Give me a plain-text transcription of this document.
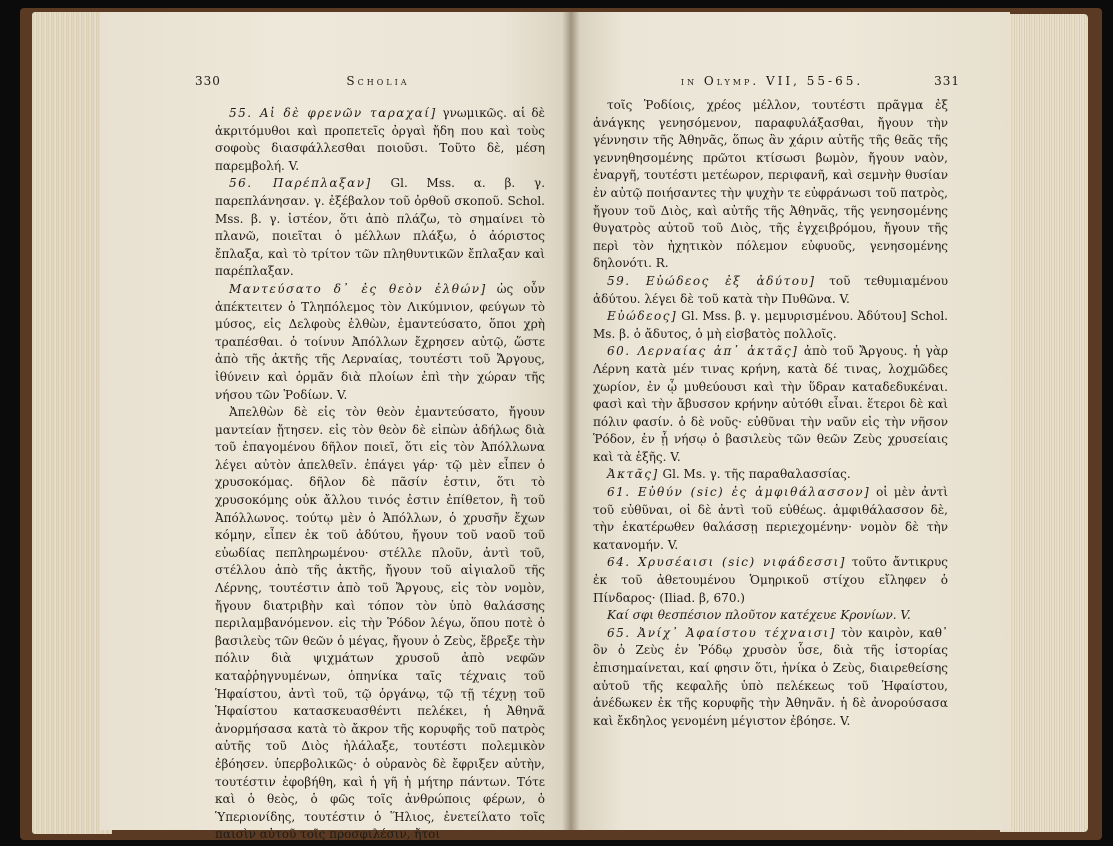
330	Scholia

55. Αἱ δὲ φρενῶν ταραχαί] γνωμικῶς. αἱ δὲ ἀκριτόμυθοι καὶ προπετεῖς ὀργαὶ ἤδη που καὶ τοὺς σοφοὺς διασφάλλεσθαι ποιοῦσι. Τοῦτο δὲ, μέση παρεμβολή. V.

56. Παρέπλαξαν] Gl. Mss. α. β. γ. παρεπλάνησαν. γ. ἐξέβαλον τοῦ ὀρθοῦ σκοποῦ. Schol. Mss. β. γ. ἰστέον, ὅτι ἀπὸ πλάζω, τὸ σημαίνει τὸ πλανῶ, ποιεῖται ὁ μέλλων πλάξω, ὁ ἀόριστος ἔπλαξα, καὶ τὸ τρίτον τῶν πληθυντικῶν ἔπλαξαν καὶ παρέπλαξαν.

Μαντεύσατο δ᾽ ἐς θεὸν ἐλθών] ὡς οὖν ἀπέκτειτεν ὁ Τληπόλεμος τὸν Λικύμνιον, φεύγων τὸ μύσος, εἰς Δελφοὺς ἐλθὼν, ἐμαντεύσατο, ὅποι χρὴ τραπέσθαι. ὁ τοίνυν Ἀπόλλων ἔχρησεν αὐτῷ, ὥστε ἀπὸ τῆς ἀκτῆς τῆς Λερναίας, τουτέστι τοῦ Ἄργους, ἰθύνειν καὶ ὁρμᾶν διὰ πλοίων ἐπὶ τὴν χώραν τῆς νήσου τῶν Ῥοδίων. V.

Ἀπελθὼν δὲ εἰς τὸν θεὸν ἐμαντεύσατο, ἤγουν μαντείαν ᾔτησεν. εἰς τὸν θεὸν δὲ εἰπὼν ἀδήλως διὰ τοῦ ἐπαγομένου δῆλον ποιεῖ, ὅτι εἰς τὸν Ἀπόλλωνα λέγει αὐτὸν ἀπελθεῖν. ἐπάγει γάρ· τῷ μὲν εἶπεν ὁ χρυσοκόμας. δῆλον δὲ πᾶσίν ἐστιν, ὅτι τὸ χρυσοκόμης οὐκ ἄλλου τινός ἐστιν ἐπίθετον, ἢ τοῦ Ἀπόλλωνος. τούτῳ μὲν ὁ Ἀπόλλων, ὁ χρυσῆν ἔχων κόμην, εἶπεν ἐκ τοῦ ἀδύτου, ἤγουν τοῦ ναοῦ τοῦ εὐωδίας πεπληρωμένου· στέλλε πλοῦν, ἀντὶ τοῦ, στέλλου ἀπὸ τῆς ἀκτῆς, ἤγουν τοῦ αἰγιαλοῦ τῆς Λέρνης, τουτέστιν ἀπὸ τοῦ Ἄργους, εἰς τὸν νομὸν, ἤγουν διατριβὴν καὶ τόπον τὸν ὑπὸ θαλάσσης περιλαμβανόμενον. εἰς τὴν Ῥόδον λέγω, ὅπου ποτὲ ὁ βασιλεὺς τῶν θεῶν ὁ μέγας, ἤγουν ὁ Ζεὺς, ἔβρεξε τὴν πόλιν διὰ ψιχμάτων χρυσοῦ ἀπὸ νεφῶν καταῤῥηγνυμένων, ὁπηνίκα ταῖς τέχναις τοῦ Ἡφαίστου, ἀντὶ τοῦ, τῷ ὀργάνῳ, τῷ τῇ τέχνῃ τοῦ Ἡφαίστου κατασκευασθέντι πελέκει, ἡ Ἀθηνᾶ ἀνορμήσασα κατὰ τὸ ἄκρον τῆς κορυφῆς τοῦ πατρὸς αὐτῆς τοῦ Διὸς ἠλάλαξε, τουτέστι πολεμικὸν ἐβόησεν. ὑπερβολικῶς· ὁ οὐρανὸς δὲ ἔφριξεν αὐτὴν, τουτέστιν ἐφοβήθη, καὶ ἡ γῆ ἡ μήτηρ πάντων. Τότε καὶ ὁ θεὸς, ὁ φῶς τοῖς ἀνθρώποις φέρων, ὁ Ὑπεριονίδης, τουτέστιν ὁ Ἥλιος, ἐνετείλατο τοῖς παισὶν αὐτοῦ τοῖς προσφιλέσιν, ἤτοι

in Olymp. VII, 55-65.	331

τοῖς Ῥοδίοις, χρέος μέλλον, τουτέστι πρᾶγμα ἐξ ἀνάγκης γενησόμενον, παραφυλάξασθαι, ἤγουν τὴν γέννησιν τῆς Ἀθηνᾶς, ὅπως ἂν χάριν αὐτῆς τῆς θεᾶς τῆς γεννηθησομένης πρῶτοι κτίσωσι βωμὸν, ἤγουν ναὸν, ἐναργῆ, τουτέστι μετέωρον, περιφανῆ, καὶ σεμνὴν θυσίαν ἐν αὐτῷ ποιήσαντες τὴν ψυχὴν τε εὐφράνωσι τοῦ πατρὸς, ἤγουν τοῦ Διὸς, καὶ αὐτῆς τῆς Ἀθηνᾶς, τῆς γενησομένης θυγατρὸς αὐτοῦ τοῦ Διὸς, τῆς ἐγχειβρόμου, ἤγουν τῆς περὶ τὸν ἠχητικὸν πόλεμον εὐφυοῦς, γενησομένης δηλονότι. R.

59. Εὐώδεος ἐξ ἀδύτου] τοῦ τεθυμιαμένου ἀδύτου. λέγει δὲ τοῦ κατὰ τὴν Πυθῶνα. V.

Εὐώδεος] Gl. Mss. β. γ. μεμυρισμένου. Ἀδύτου] Schol. Ms. β. ὁ ἄδυτος, ὁ μὴ εἰσβατὸς πολλοῖς.

60. Λερναίας ἀπ᾽ ἀκτᾶς] ἀπὸ τοῦ Ἄργους. ἡ γὰρ Λέρνη κατὰ μέν τινας κρήνη, κατὰ δέ τινας, λοχμῶδες χωρίον, ἐν ᾧ μυθεύουσι καὶ τὴν ὕδραν καταδεδυκέναι. φασὶ καὶ τὴν ἄβυσσον κρήνην αὐτόθι εἶναι. ἕτεροι δὲ καὶ πόλιν φασίν. ὁ δὲ νοῦς· εὐθῦναι τὴν ναῦν εἰς τὴν νῆσον Ῥόδον, ἐν ᾗ νήσῳ ὁ βασιλεὺς τῶν θεῶν Ζεὺς χρυσείαις καὶ τὰ ἑξῆς. V.

Ἀκτᾶς] Gl. Ms. γ. τῆς παραθαλασσίας.

61. Εὐθύν (sic) ἐς ἀμφιθάλασσον] οἱ μὲν ἀντὶ τοῦ εὐθῦναι, οἱ δὲ ἀντὶ τοῦ εὐθέως. ἀμφιθάλασσον δὲ, τὴν ἑκατέρωθεν θαλάσσῃ περιεχομένην· νομὸν δὲ τὴν κατανομήν. V.

64. Χρυσέαισι (sic) νιφάδεσσι] τοῦτο ἄντικρυς ἐκ τοῦ ἀθετουμένου Ὁμηρικοῦ στίχου εἴληφεν ὁ Πίνδαρος· (Iliad. β, 670.)

Καί σφι θεσπέσιον πλοῦτον κατέχευε Κρονίων. V.

65. Ἀνίχ᾽ Ἀφαίστου τέχναισι] τὸν καιρὸν, καθ᾽ ὃν ὁ Ζεὺς ἐν Ῥόδῳ χρυσὸν ὗσε, διὰ τῆς ἱστορίας ἐπισημαίνεται, καί φησιν ὅτι, ἡνίκα ὁ Ζεὺς, διαιρεθείσης αὐτοῦ τῆς κεφαλῆς ὑπὸ πελέκεως τοῦ Ἡφαίστου, ἀνέδωκεν ἐκ τῆς κορυφῆς τὴν Ἀθηνᾶν. ἡ δὲ ἀνορούσασα καὶ ἔκδηλος γενομένη μέγιστον ἐβόησε. V.
